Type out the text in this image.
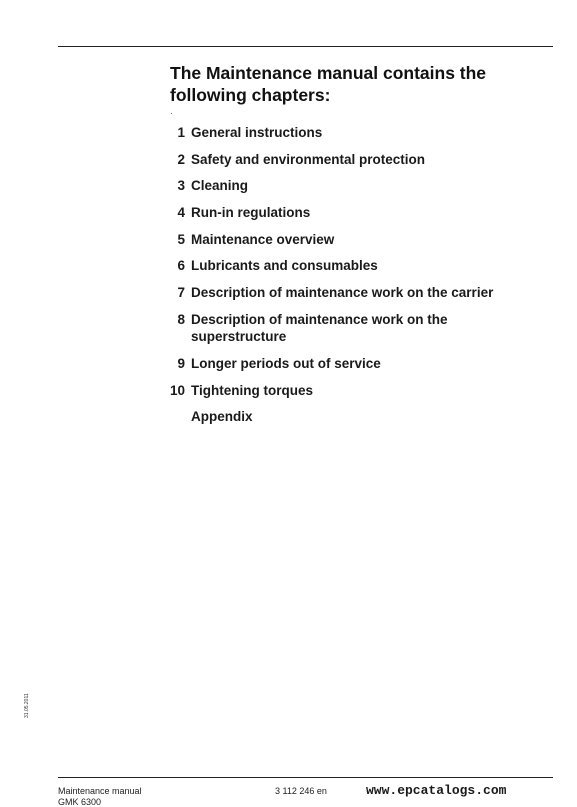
The Maintenance manual contains the following chapters:
1 General instructions
2 Safety and environmental protection
3 Cleaning
4 Run-in regulations
5 Maintenance overview
6 Lubricants and consumables
7 Description of maintenance work on the carrier
8 Description of maintenance work on the superstructure
9 Longer periods out of service
10 Tightening torques
Appendix
31.05.2011
Maintenance manual
GMK 6300
3 112 246 en	www.epcatalogs.com
